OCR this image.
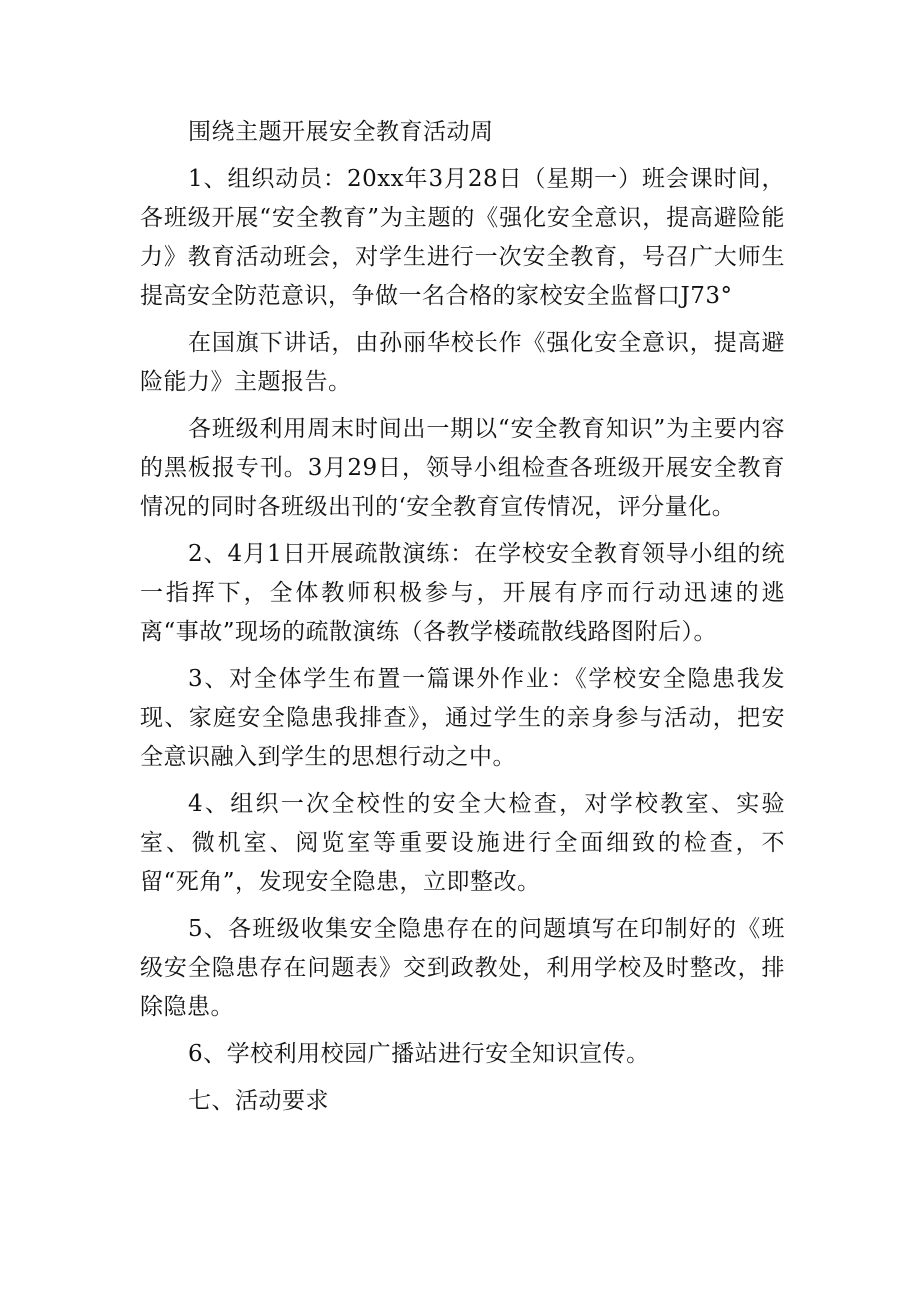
围绕主题开展安全教育活动周

1、组织动员：20xx年3月28日（星期一）班会课时间，各班级开展“安全教育”为主题的《强化安全意识，提高避险能力》教育活动班会，对学生进行一次安全教育，号召广大师生提高安全防范意识，争做一名合格的家校安全监督口J73°

在国旗下讲话，由孙丽华校长作《强化安全意识，提高避险能力》主题报告。

各班级利用周末时间出一期以“安全教育知识”为主要内容的黑板报专刊。3月29日，领导小组检查各班级开展安全教育情况的同时各班级出刊的‘安全教育宣传情况，评分量化。

2、4月1日开展疏散演练：在学校安全教育领导小组的统一指挥下，全体教师积极参与，开展有序而行动迅速的逃离“事故”现场的疏散演练（各教学楼疏散线路图附后）。

3、对全体学生布置一篇课外作业：《学校安全隐患我发现、家庭安全隐患我排查》，通过学生的亲身参与活动，把安全意识融入到学生的思想行动之中。

4、组织一次全校性的安全大检查，对学校教室、实验室、微机室、阅览室等重要设施进行全面细致的检查，不留“死角”，发现安全隐患，立即整改。

5、各班级收集安全隐患存在的问题填写在印制好的《班级安全隐患存在问题表》交到政教处，利用学校及时整改，排除隐患。

6、学校利用校园广播站进行安全知识宣传。

七、活动要求
